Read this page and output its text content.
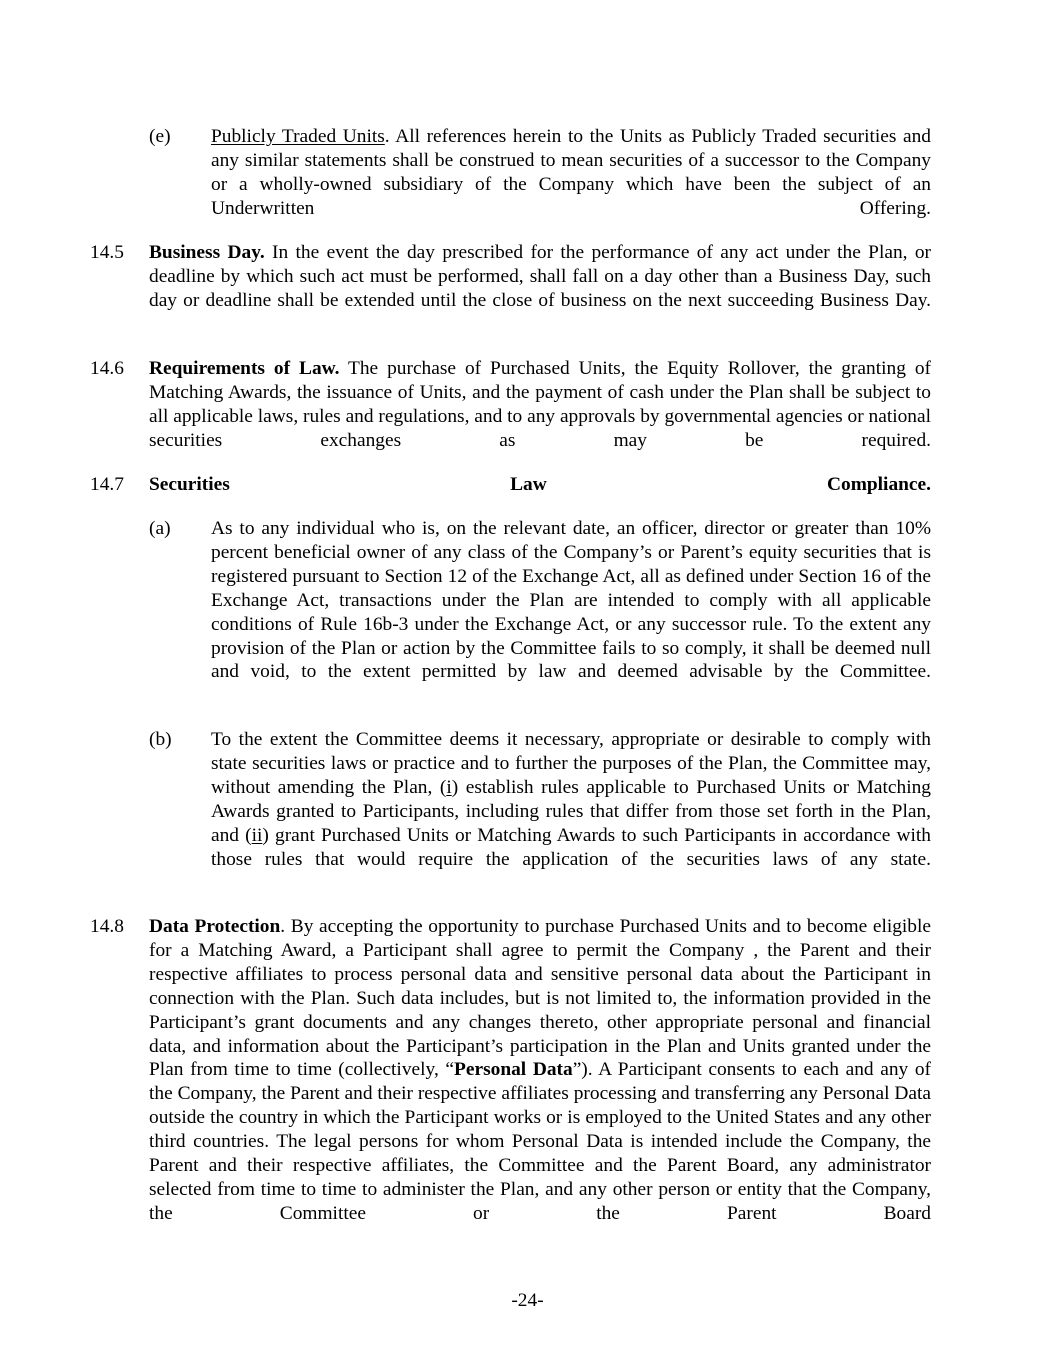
(e) Publicly Traded Units. All references herein to the Units as Publicly Traded securities and any similar statements shall be construed to mean securities of a successor to the Company or a wholly-owned subsidiary of the Company which have been the subject of an Underwritten Offering.

14.5 Business Day. In the event the day prescribed for the performance of any act under the Plan, or deadline by which such act must be performed, shall fall on a day other than a Business Day, such day or deadline shall be extended until the close of business on the next succeeding Business Day.

14.6 Requirements of Law. The purchase of Purchased Units, the Equity Rollover, the granting of Matching Awards, the issuance of Units, and the payment of cash under the Plan shall be subject to all applicable laws, rules and regulations, and to any approvals by governmental agencies or national securities exchanges as may be required.

14.7 Securities Law Compliance.

(a) As to any individual who is, on the relevant date, an officer, director or greater than 10% percent beneficial owner of any class of the Company’s or Parent’s equity securities that is registered pursuant to Section 12 of the Exchange Act, all as defined under Section 16 of the Exchange Act, transactions under the Plan are intended to comply with all applicable conditions of Rule 16b-3 under the Exchange Act, or any successor rule. To the extent any provision of the Plan or action by the Committee fails to so comply, it shall be deemed null and void, to the extent permitted by law and deemed advisable by the Committee.

(b) To the extent the Committee deems it necessary, appropriate or desirable to comply with state securities laws or practice and to further the purposes of the Plan, the Committee may, without amending the Plan, (i) establish rules applicable to Purchased Units or Matching Awards granted to Participants, including rules that differ from those set forth in the Plan, and (ii) grant Purchased Units or Matching Awards to such Participants in accordance with those rules that would require the application of the securities laws of any state.

14.8 Data Protection. By accepting the opportunity to purchase Purchased Units and to become eligible for a Matching Award, a Participant shall agree to permit the Company , the Parent and their respective affiliates to process personal data and sensitive personal data about the Participant in connection with the Plan. Such data includes, but is not limited to, the information provided in the Participant’s grant documents and any changes thereto, other appropriate personal and financial data, and information about the Participant’s participation in the Plan and Units granted under the Plan from time to time (collectively, “Personal Data”). A Participant consents to each and any of the Company, the Parent and their respective affiliates processing and transferring any Personal Data outside the country in which the Participant works or is employed to the United States and any other third countries. The legal persons for whom Personal Data is intended include the Company, the Parent and their respective affiliates, the Committee and the Parent Board, any administrator selected from time to time to administer the Plan, and any other person or entity that the Company, the Committee or the Parent Board

-24-
